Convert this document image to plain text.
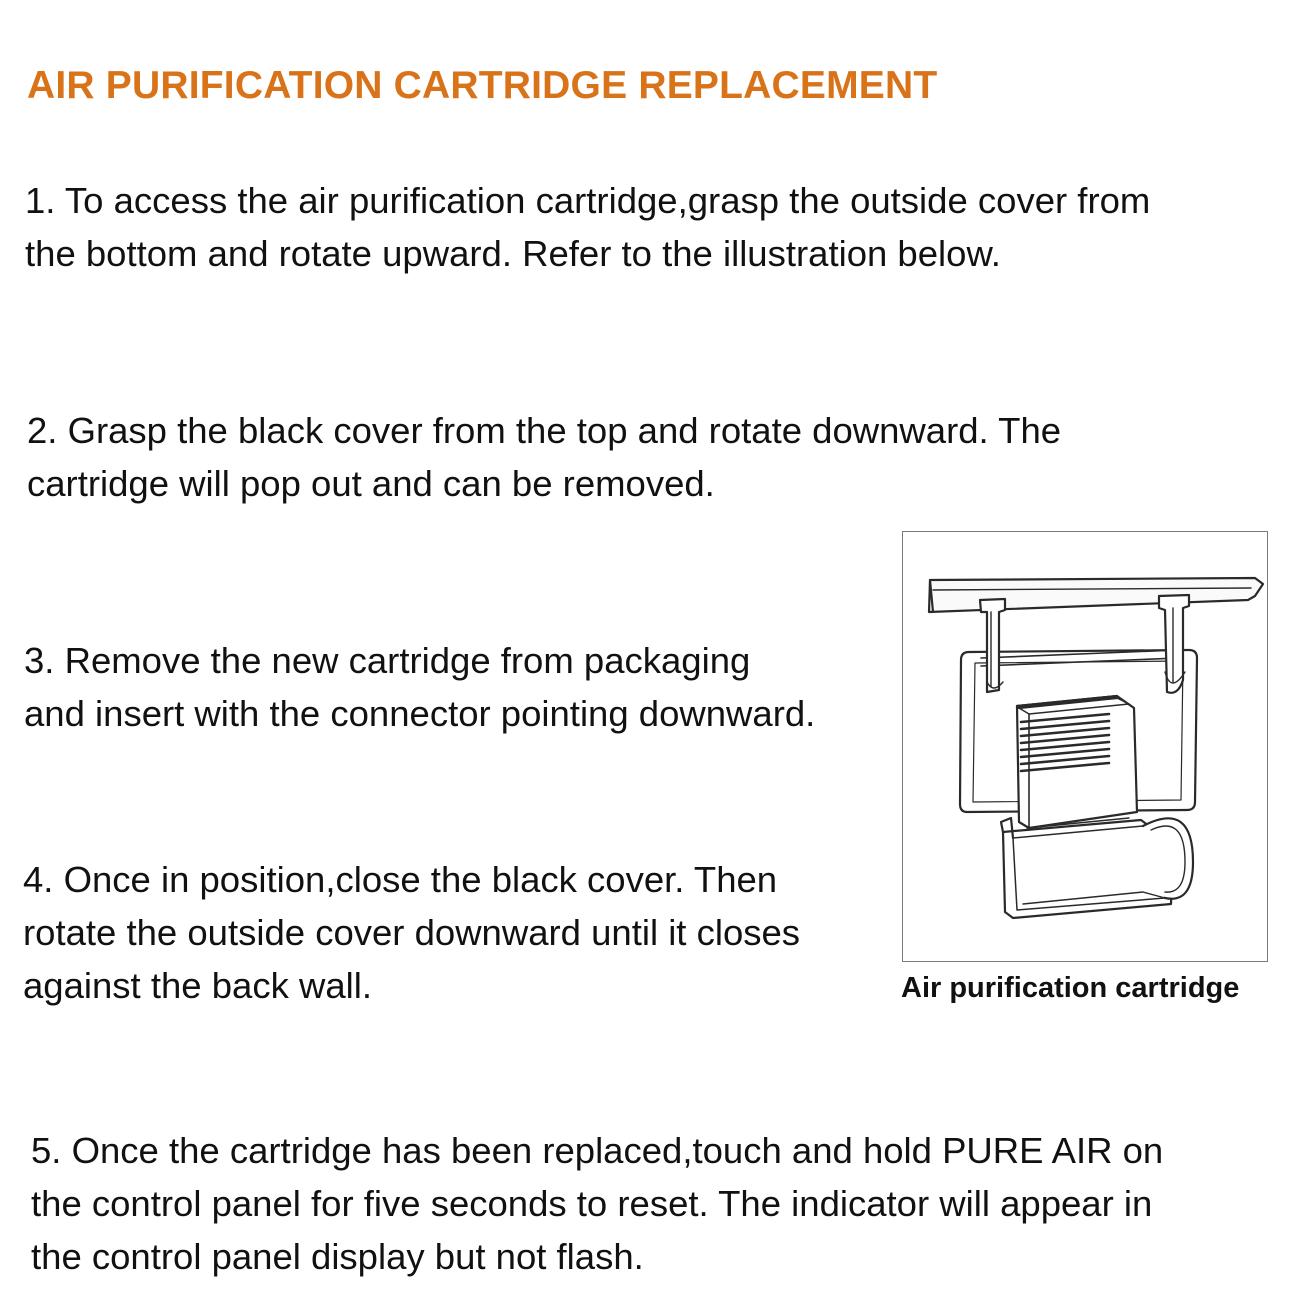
AIR PURIFICATION CARTRIDGE REPLACEMENT
1. To access the air purification cartridge,grasp the outside cover from
the bottom and rotate upward. Refer to the illustration below.
2. Grasp the black cover from the top and rotate downward. The
cartridge will pop out and can be removed.
3. Remove the new cartridge from packaging
and insert with the connector pointing downward.
4. Once in position,close the black cover. Then
rotate the outside cover downward until it closes
against the back wall.
5. Once the cartridge has been replaced,touch and hold PURE AIR on
the control panel for five seconds to reset. The indicator will appear in
the control panel display but not flash.
Air purification cartridge
